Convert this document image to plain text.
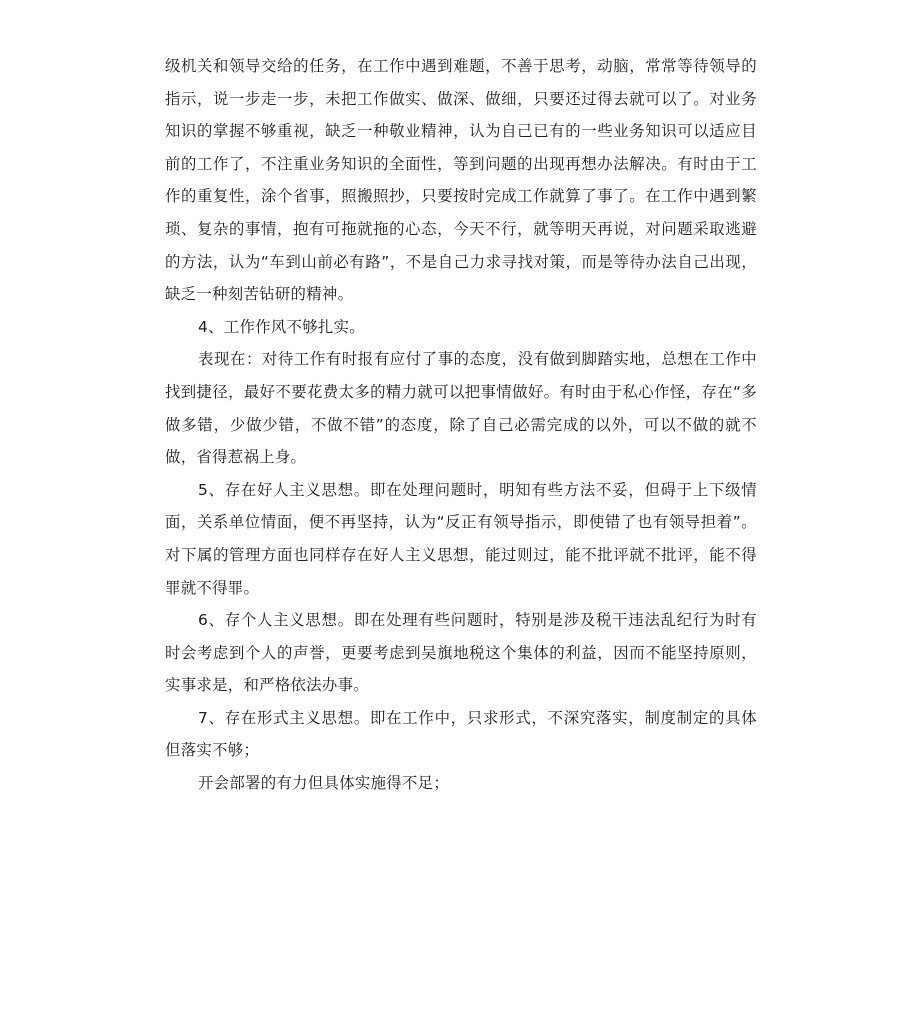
级机关和领导交给的任务，在工作中遇到难题，不善于思考，动脑，常常等待领导的指示，说一步走一步，未把工作做实、做深、做细，只要还过得去就可以了。对业务知识的掌握不够重视，缺乏一种敬业精神，认为自己已有的一些业务知识可以适应目前的工作了，不注重业务知识的全面性，等到问题的出现再想办法解决。有时由于工作的重复性，涂个省事，照搬照抄，只要按时完成工作就算了事了。在工作中遇到繁琐、复杂的事情，抱有可拖就拖的心态，今天不行，就等明天再说，对问题采取逃避的方法，认为“车到山前必有路”，不是自己力求寻找对策，而是等待办法自己出现，缺乏一种刻苦钻研的精神。

4、工作作风不够扎实。

表现在：对待工作有时报有应付了事的态度，没有做到脚踏实地，总想在工作中找到捷径，最好不要花费太多的精力就可以把事情做好。有时由于私心作怪，存在“多做多错，少做少错，不做不错”的态度，除了自己必需完成的以外，可以不做的就不做，省得惹祸上身。

5、存在好人主义思想。即在处理问题时，明知有些方法不妥，但碍于上下级情面，关系单位情面，便不再坚持，认为“反正有领导指示，即使错了也有领导担着”。对下属的管理方面也同样存在好人主义思想，能过则过，能不批评就不批评，能不得罪就不得罪。

6、存个人主义思想。即在处理有些问题时，特别是涉及税干违法乱纪行为时有时会考虑到个人的声誉，更要考虑到吴旗地税这个集体的利益，因而不能坚持原则，实事求是，和严格依法办事。

7、存在形式主义思想。即在工作中，只求形式，不深究落实，制度制定的具体但落实不够；

开会部署的有力但具体实施得不足；
